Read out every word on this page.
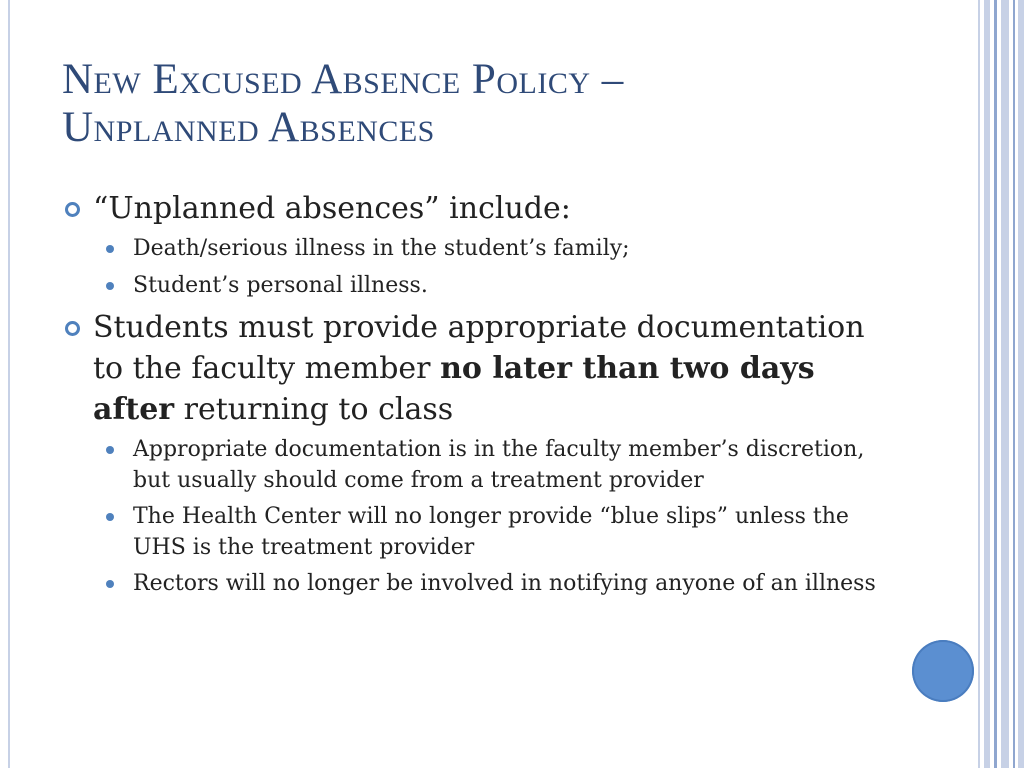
New Excused Absence Policy –
Unplanned Absences
“Unplanned absences” include:
Death/serious illness in the student’s family;
Student’s personal illness.
Students must provide appropriate documentation to the faculty member no later than two days after returning to class
Appropriate documentation is in the faculty member’s discretion, but usually should come from a treatment provider
The Health Center will no longer provide “blue slips” unless the UHS is the treatment provider
Rectors will no longer be involved in notifying anyone of an illness
